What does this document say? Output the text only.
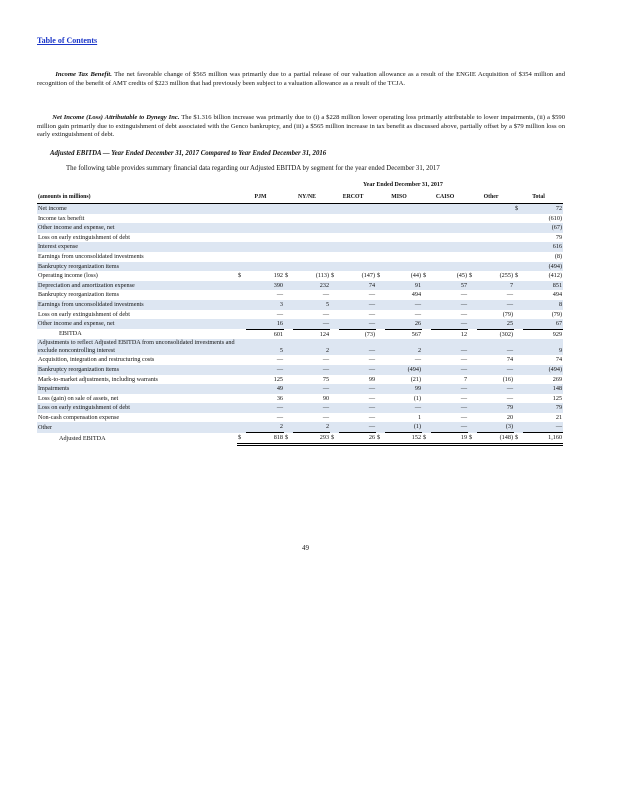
Table of Contents
Income Tax Benefit. The net favorable change of $565 million was primarily due to a partial release of our valuation allowance as a result of the ENGIE Acquisition of $354 million and recognition of the benefit of AMT credits of $223 million that had previously been subject to a valuation allowance as a result of the TCJA.
Net Income (Loss) Attributable to Dynegy Inc. The $1.316 billion increase was primarily due to (i) a $228 million lower operating loss primarily attributable to lower impairments, (ii) a $590 million gain primarily due to extinguishment of debt associated with the Genco bankruptcy, and (iii) a $565 million increase in tax benefit as discussed above, partially offset by a $79 million loss on early extinguishment of debt.
Adjusted EBITDA — Year Ended December 31, 2017 Compared to Year Ended December 31, 2016
The following table provides summary financial data regarding our Adjusted EBITDA by segment for the year ended December 31, 2017
Year Ended December 31, 2017
(amounts in millions)	PJM		NY/NE		ERCOT		MISO		CAISO		Other		Total	
Net income													$	72
Income tax benefit														(610)
Other income and expense, net														(67)
Loss on early extinguishment of debt														79
Interest expense														616
Earnings from unconsolidated investments														(8)
Bankruptcy reorganization items														(494)
Operating income (loss)	$	192	$	(113)	$	(147)	$	(44)	$	(45)	$	(255)	$	(412)
Depreciation and amortization expense		390		232		74		91		57		7		851
Bankruptcy reorganization items		—		—		—		494		—		—		494
Earnings from unconsolidated investments		3		5		—		—		—		—		8
Loss on early extinguishment of debt		—		—		—		—		—		(79)		(79)
Other income and expense, net		16		—		—		26		—		25		67
EBITDA		601		124		(73)		567		12		(302)		929
Adjustments to reflect Adjusted EBITDA from unconsolidated investments and exclude noncontrolling interest		5		2		—		2		—		—		9
Acquisition, integration and restructuring costs		—		—		—		—		—		74		74
Bankruptcy reorganization items		—		—		—		(494)		—		—		(494)
Mark-to-market adjustments, including warrants		125		75		99		(21)		7		(16)		269
Impairments		49		—		—		99		—		—		148
Loss (gain) on sale of assets, net		36		90		—		(1)		—		—		125
Loss on early extinguishment of debt		—		—		—		—		—		79		79
Non-cash compensation expense		—		—		—		1		—		20		21
Other		2		2		—		(1)		—		(3)		—
Adjusted EBITDA	$	818	$	293	$	26	$	152	$	19	$	(148)	$	1,160
49
